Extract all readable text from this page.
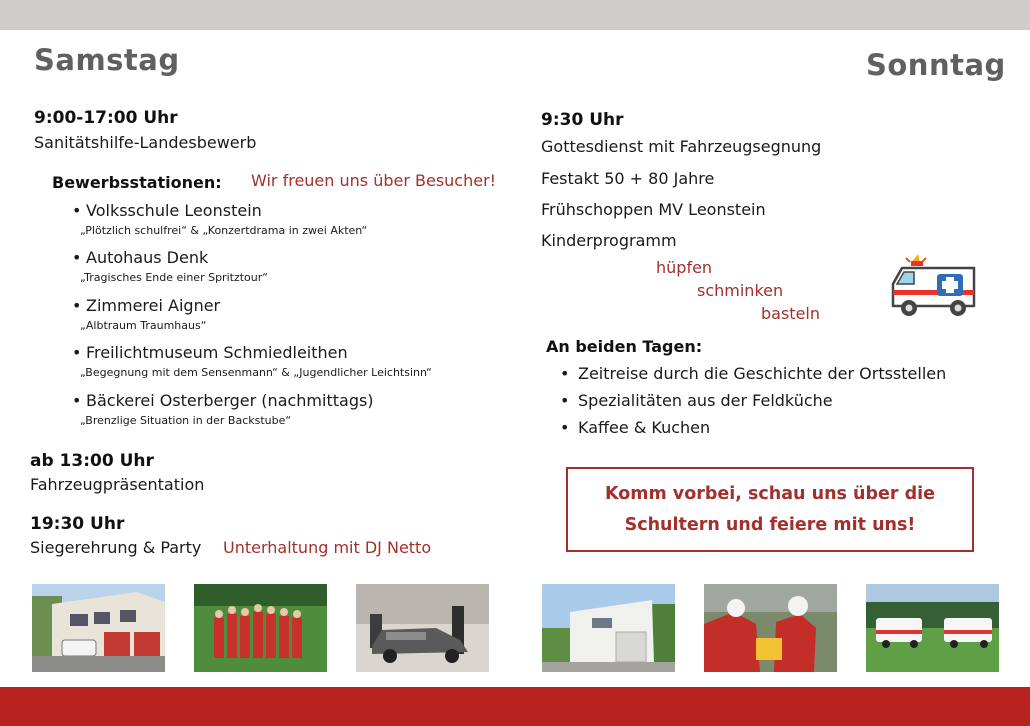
Samstag
9:00-17:00 Uhr
Sanitätshilfe-Landesbewerb
Bewerbsstationen: Wir freuen uns über Besucher!
• Volksschule Leonstein
„Plötzlich schulfrei“ & „Konzertdrama in zwei Akten“
• Autohaus Denk
„Tragisches Ende einer Spritztour“
• Zimmerei Aigner
„Albtraum Traumhaus“
• Freilichtmuseum Schmiedleithen
„Begegnung mit dem Sensenmann“ & „Jugendlicher Leichtsinn“
• Bäckerei Osterberger (nachmittags)
„Brenzlige Situation in der Backstube“
ab 13:00 Uhr
Fahrzeugpräsentation
19:30 Uhr
Siegerehrung & Party Unterhaltung mit DJ Netto
Sonntag
9:30 Uhr
Gottesdienst mit Fahrzeugsegnung
Festakt 50 + 80 Jahre
Frühschoppen MV Leonstein
Kinderprogramm
hüpfen
schminken
basteln
An beiden Tagen:
• Zeitreise durch die Geschichte der Ortsstellen
• Spezialitäten aus der Feldküche
• Kaffee & Kuchen
Komm vorbei, schau uns über die
Schultern und feiere mit uns!
